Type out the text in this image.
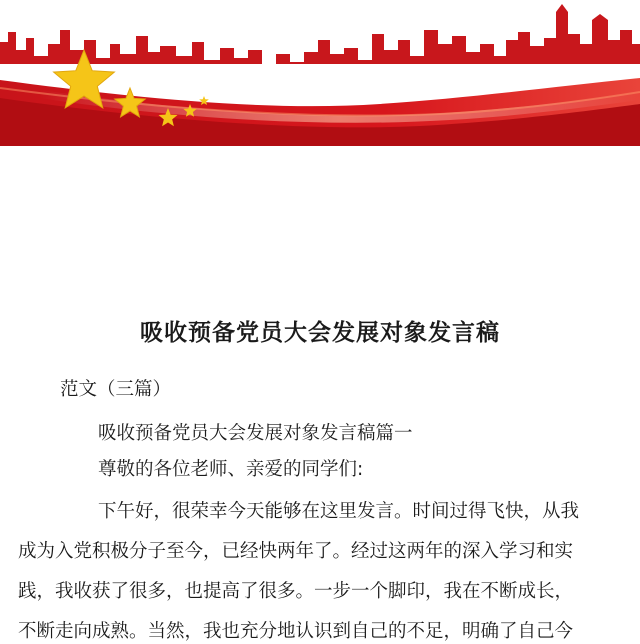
吸收预备党员大会发展对象发言稿
范文（三篇）
吸收预备党员大会发展对象发言稿篇一
尊敬的各位老师、亲爱的同学们:
下午好，很荣幸今天能够在这里发言。时间过得飞快，从我
成为入党积极分子至今，已经快两年了。经过这两年的深入学习和实
践，我收获了很多，也提高了很多。一步一个脚印，我在不断成长，
不断走向成熟。当然，我也充分地认识到自己的不足，明确了自己今
